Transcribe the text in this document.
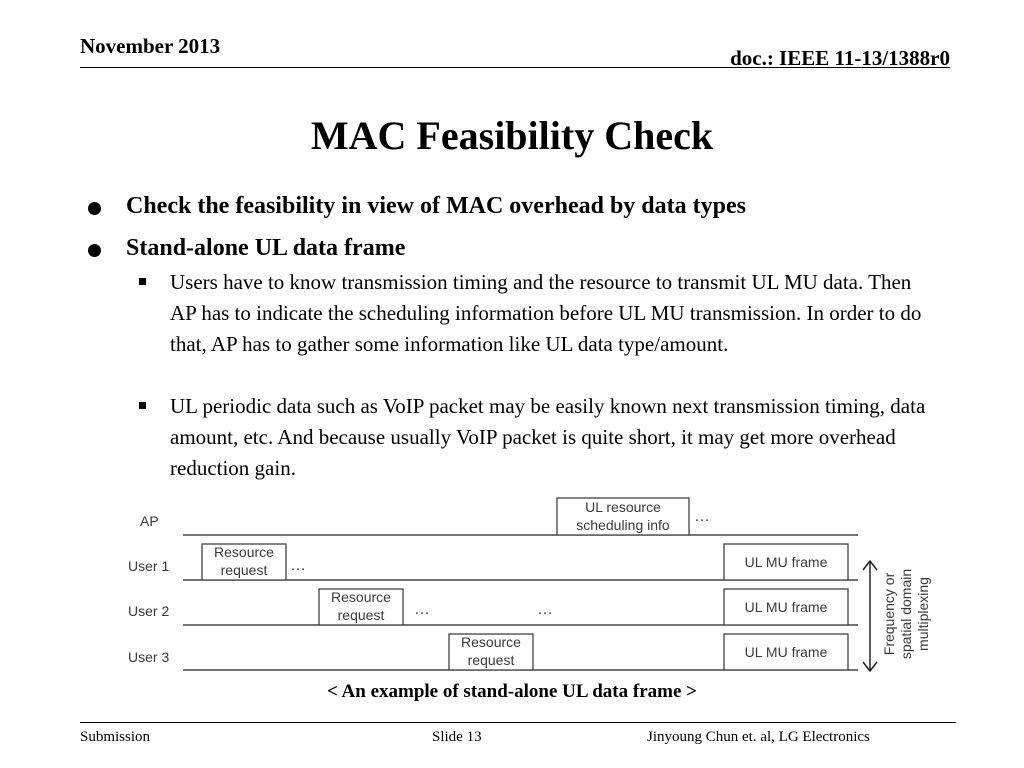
November 2013	doc.: IEEE 11-13/1388r0
MAC Feasibility Check
Check the feasibility in view of MAC overhead by data types
Stand-alone UL data frame
Users have to know transmission timing and the resource to transmit UL MU data. Then AP has to indicate the scheduling information before UL MU transmission. In order to do that, AP has to gather some information like UL data type/amount.
UL periodic data such as VoIP packet may be easily known next transmission timing, data amount, etc. And because usually VoIP packet is quite short, it may get more overhead reduction gain.
AP
User 1
User 2
User 3
UL resource
scheduling info
Resource
request
Resource
request
Resource
request
UL MU frame
UL MU frame
UL MU frame
…
…
…	…	Frequency or spatial domain multiplexing
< An example of stand-alone UL data frame >
Submission	Slide 13	Jinyoung Chun et. al, LG Electronics
